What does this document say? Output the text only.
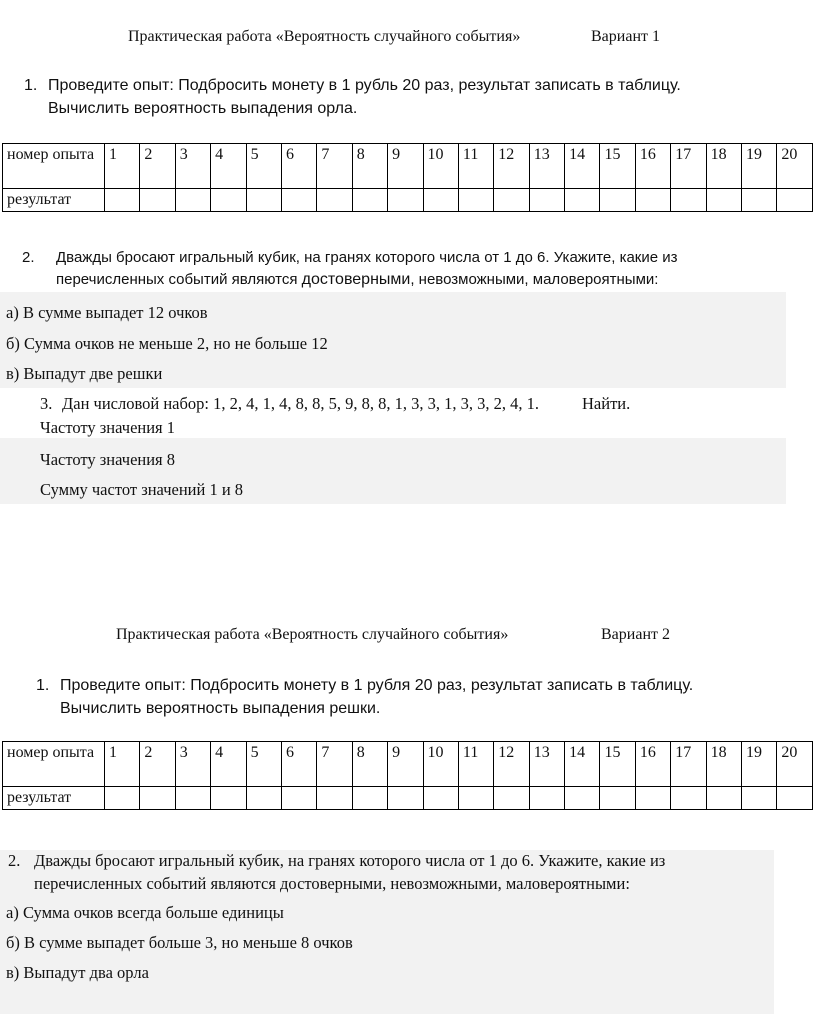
Практическая работа «Вероятность случайного события»	Вариант 1
1. Проведите опыт: Подбросить монету в 1 рубль 20 раз, результат записать в таблицу.
Вычислить вероятность выпадения орла.
номер опыта	1	2	3	4	5	6	7	8	9	10	11	12	13	14	15	16	17	18	19	20
результат																				
2. Дважды бросают игральный кубик, на гранях которого числа от 1 до 6. Укажите, какие из
перечисленных событий являются достоверными, невозможными, маловероятными:
а) В сумме выпадет 12 очков
б) Сумма очков не меньше 2, но не больше 12
в) Выпадут две решки
3. Дан числовой набор: 1, 2, 4, 1, 4, 8, 8, 5, 9, 8, 8, 1, 3, 3, 1, 3, 3, 2, 4, 1.	Найти.
Частоту значения 1
Частоту значения 8
Сумму частот значений 1 и 8
Практическая работа «Вероятность случайного события»	Вариант 2
1. Проведите опыт: Подбросить монету в 1 рубля 20 раз, результат записать в таблицу.
Вычислить вероятность выпадения решки.
номер опыта	1	2	3	4	5	6	7	8	9	10	11	12	13	14	15	16	17	18	19	20
результат																				
2. Дважды бросают игральный кубик, на гранях которого числа от 1 до 6. Укажите, какие из
перечисленных событий являются достоверными, невозможными, маловероятными:
а) Сумма очков всегда больше единицы
б) В сумме выпадет больше 3, но меньше 8 очков
в) Выпадут два орла
